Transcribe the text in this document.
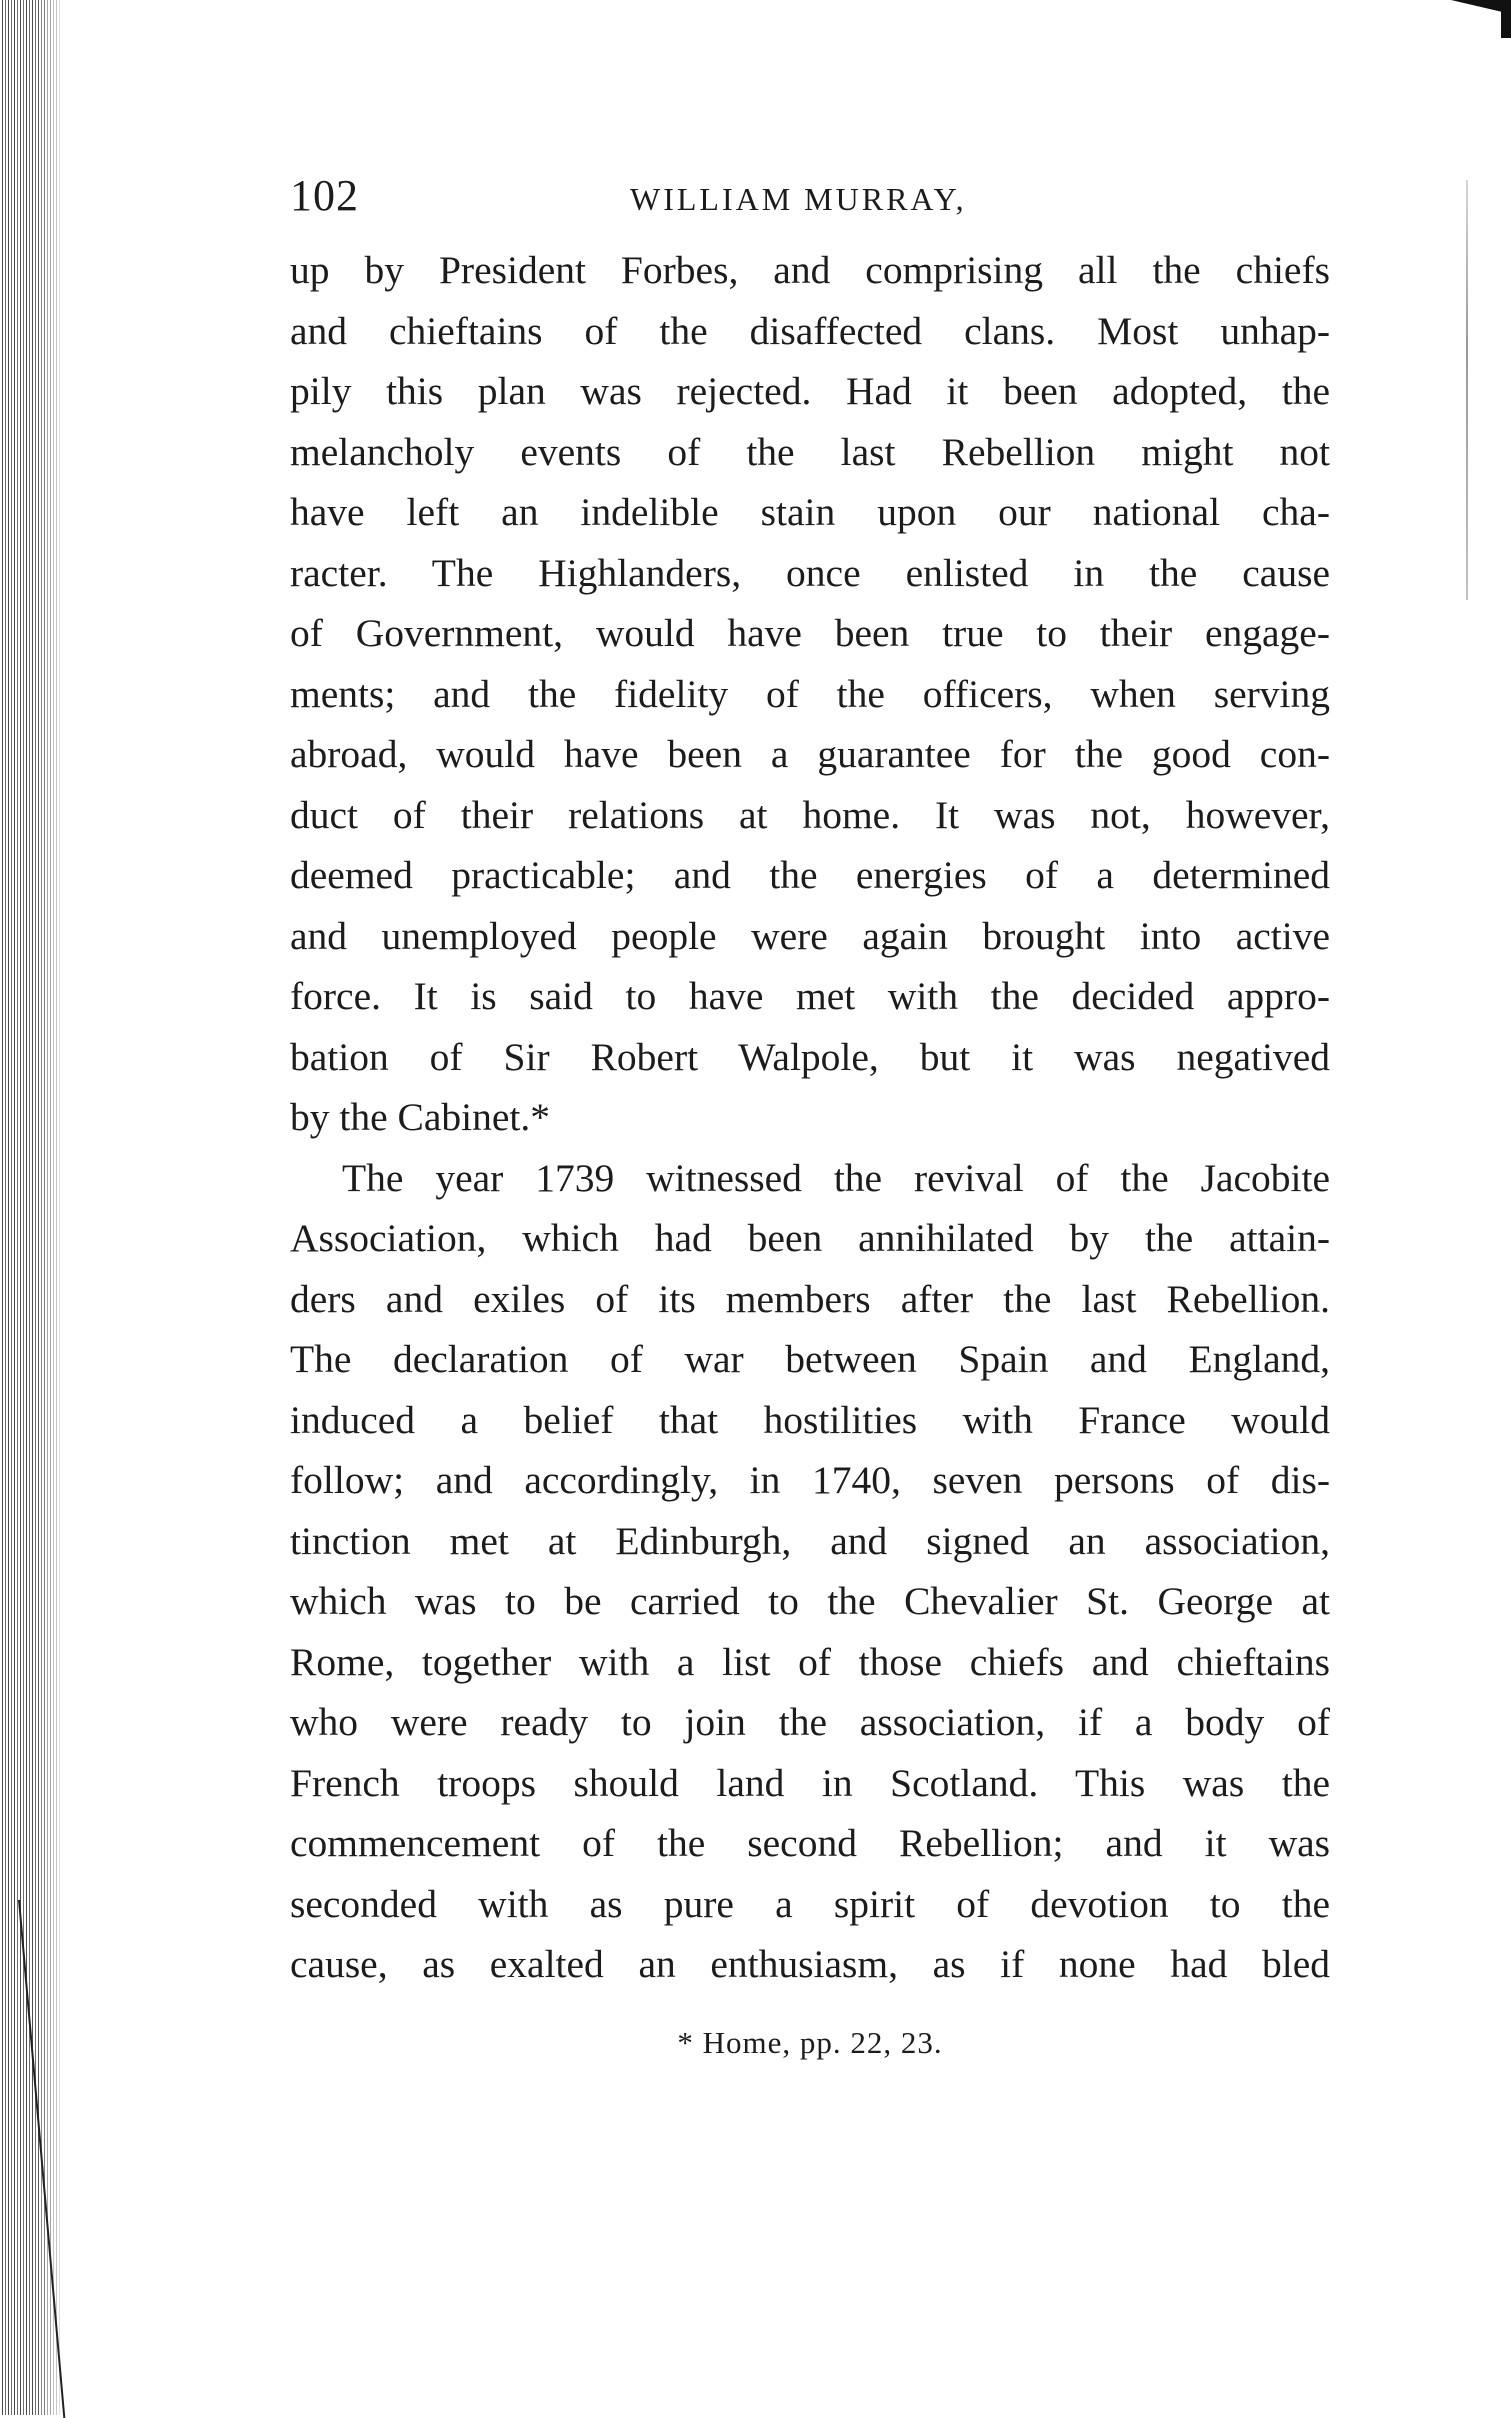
102	WILLIAM MURRAY,
up by President Forbes, and comprising all the chiefs
and chieftains of the disaffected clans. Most unhap-
pily this plan was rejected. Had it been adopted, the
melancholy events of the last Rebellion might not
have left an indelible stain upon our national cha-
racter. The Highlanders, once enlisted in the cause
of Government, would have been true to their engage-
ments; and the fidelity of the officers, when serving
abroad, would have been a guarantee for the good con-
duct of their relations at home. It was not, however,
deemed practicable; and the energies of a determined
and unemployed people were again brought into active
force. It is said to have met with the decided appro-
bation of Sir Robert Walpole, but it was negatived
by the Cabinet.*
The year 1739 witnessed the revival of the Jacobite
Association, which had been annihilated by the attain-
ders and exiles of its members after the last Rebellion.
The declaration of war between Spain and England,
induced a belief that hostilities with France would
follow; and accordingly, in 1740, seven persons of dis-
tinction met at Edinburgh, and signed an association,
which was to be carried to the Chevalier St. George at
Rome, together with a list of those chiefs and chieftains
who were ready to join the association, if a body of
French troops should land in Scotland. This was the
commencement of the second Rebellion; and it was
seconded with as pure a spirit of devotion to the
cause, as exalted an enthusiasm, as if none had bled
* Home, pp. 22, 23.
